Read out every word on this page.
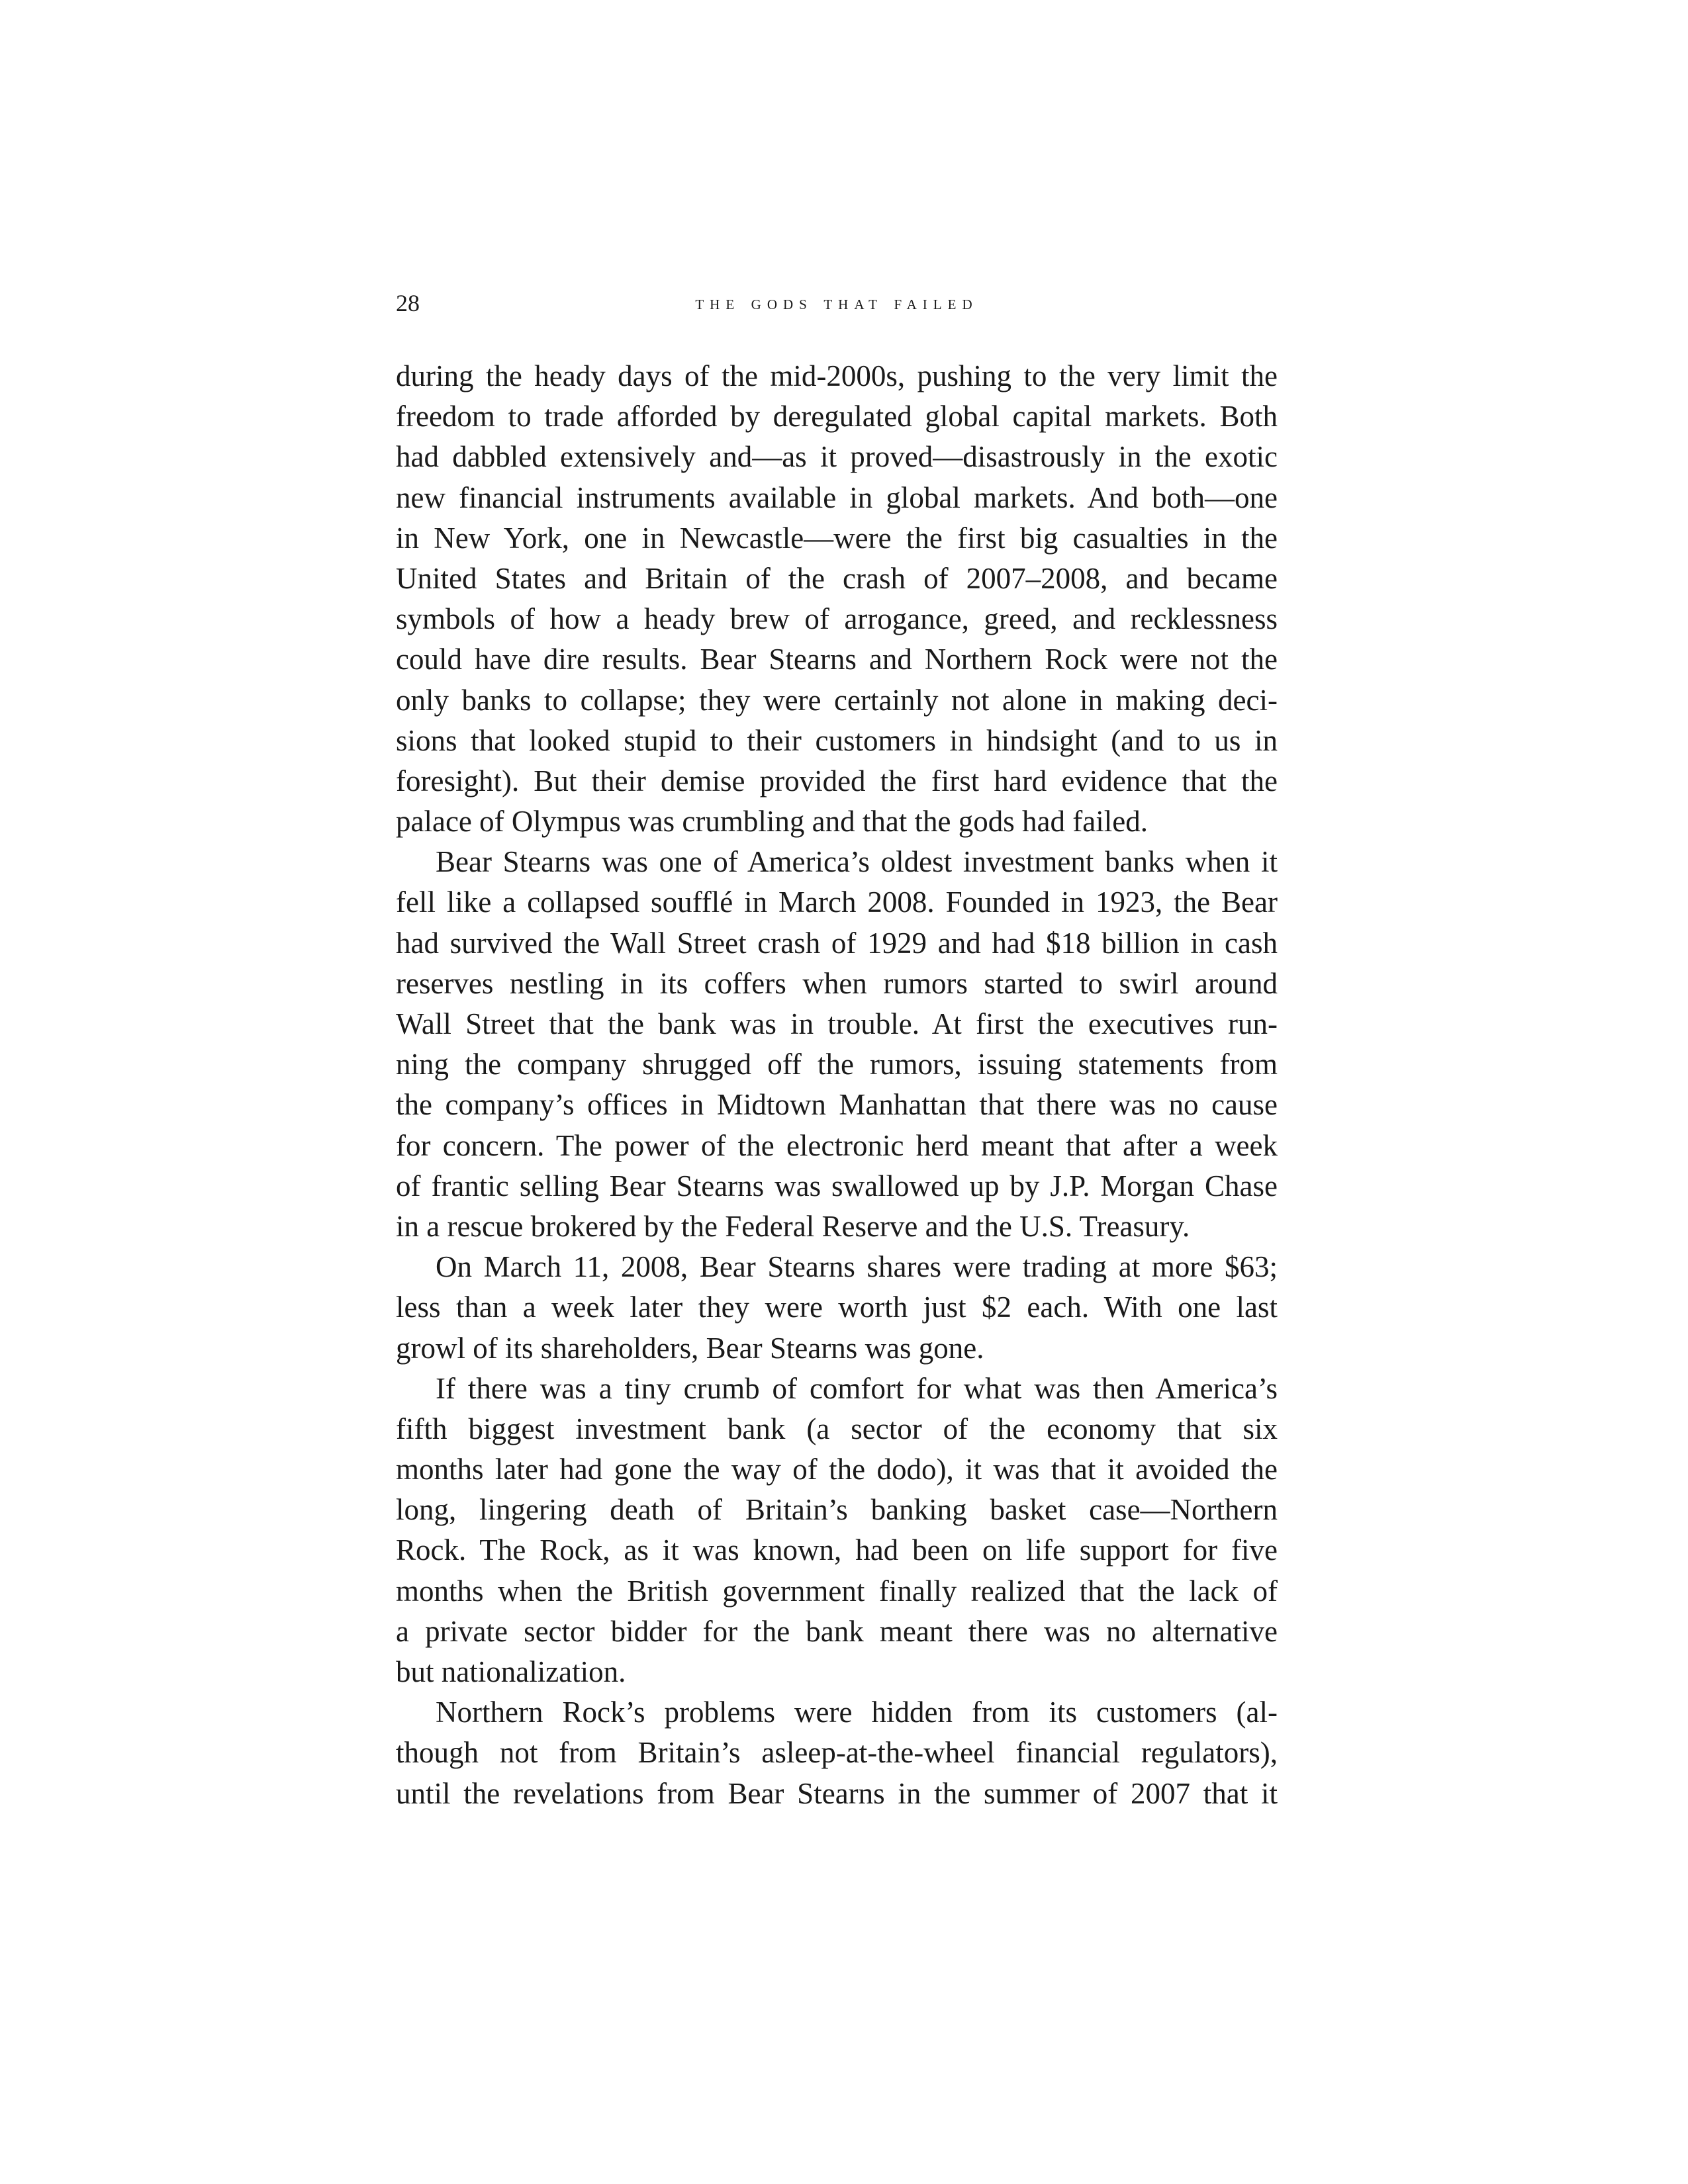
28	the gods that failed
during the heady days of the mid-2000s, pushing to the very limit the
freedom to trade afforded by deregulated global capital markets. Both
had dabbled extensively and—as it proved—disastrously in the exotic
new financial instruments available in global markets. And both—one
in New York, one in Newcastle—were the first big casualties in the
United States and Britain of the crash of 2007–2008, and became
symbols of how a heady brew of arrogance, greed, and recklessness
could have dire results. Bear Stearns and Northern Rock were not the
only banks to collapse; they were certainly not alone in making deci-
sions that looked stupid to their customers in hindsight (and to us in
foresight). But their demise provided the first hard evidence that the
palace of Olympus was crumbling and that the gods had failed.
Bear Stearns was one of America’s oldest investment banks when it
fell like a collapsed soufflé in March 2008. Founded in 1923, the Bear
had survived the Wall Street crash of 1929 and had $18 billion in cash
reserves nestling in its coffers when rumors started to swirl around
Wall Street that the bank was in trouble. At first the executives run-
ning the company shrugged off the rumors, issuing statements from
the company’s offices in Midtown Manhattan that there was no cause
for concern. The power of the electronic herd meant that after a week
of frantic selling Bear Stearns was swallowed up by J.P. Morgan Chase
in a rescue brokered by the Federal Reserve and the U.S. Treasury.
On March 11, 2008, Bear Stearns shares were trading at more $63;
less than a week later they were worth just $2 each. With one last
growl of its shareholders, Bear Stearns was gone.
If there was a tiny crumb of comfort for what was then America’s
fifth biggest investment bank (a sector of the economy that six
months later had gone the way of the dodo), it was that it avoided the
long, lingering death of Britain’s banking basket case—Northern
Rock. The Rock, as it was known, had been on life support for five
months when the British government finally realized that the lack of
a private sector bidder for the bank meant there was no alternative
but nationalization.
Northern Rock’s problems were hidden from its customers (al-
though not from Britain’s asleep-at-the-wheel financial regulators),
until the revelations from Bear Stearns in the summer of 2007 that it
